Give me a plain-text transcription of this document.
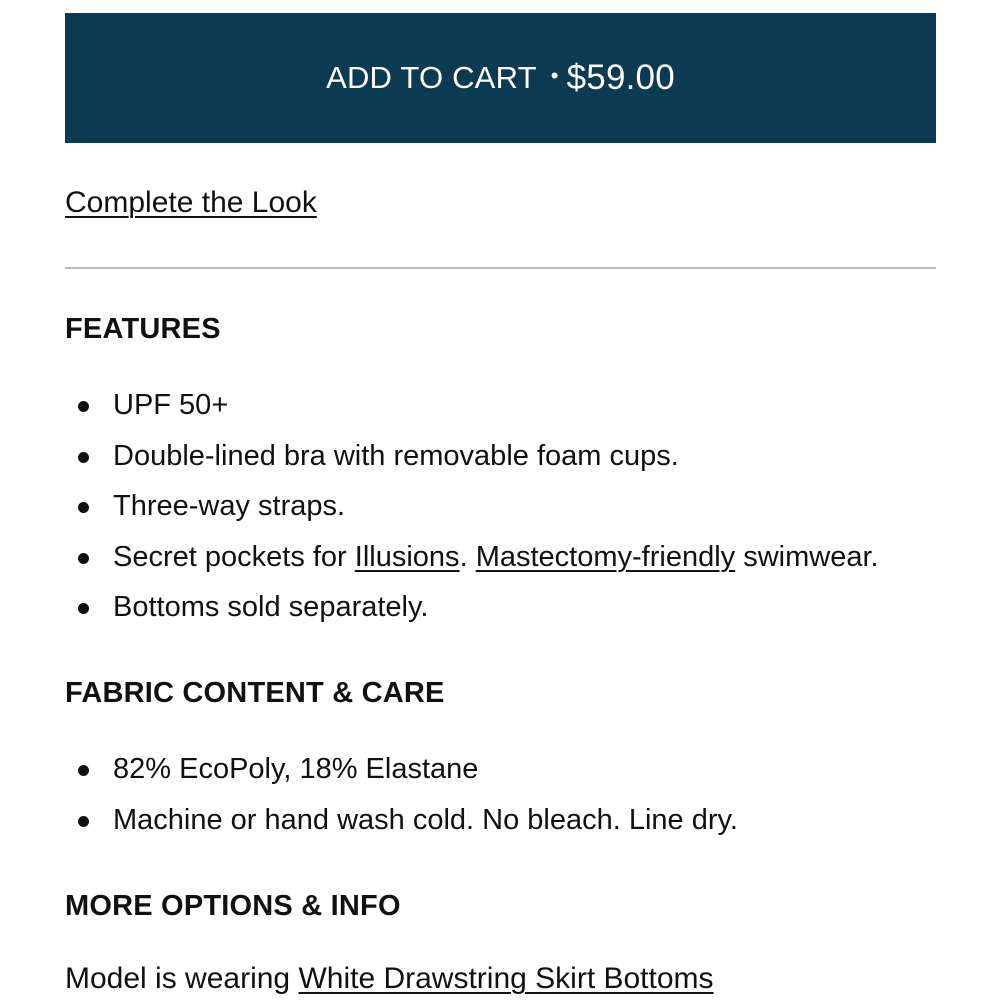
ADD TO CART • $59.00
Complete the Look
FEATURES
UPF 50+
Double-lined bra with removable foam cups.
Three-way straps.
Secret pockets for Illusions. Mastectomy-friendly swimwear.
Bottoms sold separately.
FABRIC CONTENT & CARE
82% EcoPoly, 18% Elastane
Machine or hand wash cold. No bleach. Line dry.
MORE OPTIONS & INFO
Model is wearing White Drawstring Skirt Bottoms
